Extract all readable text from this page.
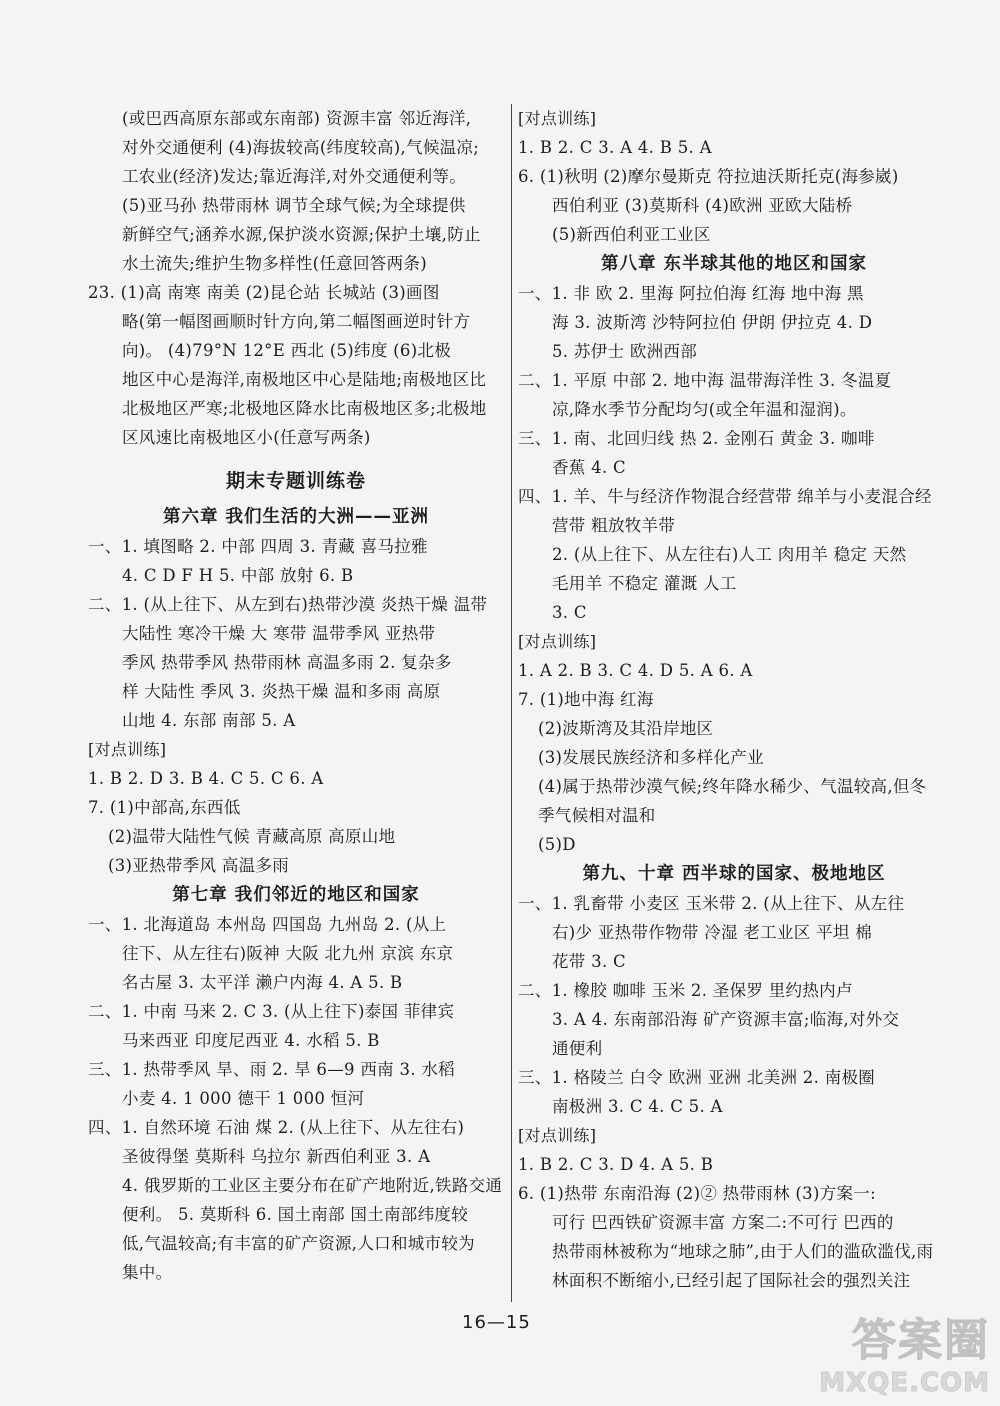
(或巴西高原东部或东南部) 资源丰富 邻近海洋,
对外交通便利 (4)海拔较高(纬度较高),气候温凉;
工农业(经济)发达;靠近海洋,对外交通便利等。
(5)亚马孙 热带雨林 调节全球气候;为全球提供
新鲜空气;涵养水源,保护淡水资源;保护土壤,防止
水土流失;维护生物多样性(任意回答两条)
23. (1)高 南寒 南美 (2)昆仑站 长城站 (3)画图
略(第一幅图画顺时针方向,第二幅图画逆时针方
向)。 (4)79°N 12°E 西北 (5)纬度 (6)北极
地区中心是海洋,南极地区中心是陆地;南极地区比
北极地区严寒;北极地区降水比南极地区多;北极地
区风速比南极地区小(任意写两条)
期末专题训练卷
第六章 我们生活的大洲——亚洲
一、1. 填图略 2. 中部 四周 3. 青藏 喜马拉雅
4. C D F H 5. 中部 放射 6. B
二、1. (从上往下、从左到右)热带沙漠 炎热干燥 温带
大陆性 寒冷干燥 大 寒带 温带季风 亚热带
季风 热带季风 热带雨林 高温多雨 2. 复杂多
样 大陆性 季风 3. 炎热干燥 温和多雨 高原
山地 4. 东部 南部 5. A
[对点训练]
1. B 2. D 3. B 4. C 5. C 6. A
7. (1)中部高,东西低
(2)温带大陆性气候 青藏高原 高原山地
(3)亚热带季风 高温多雨
第七章 我们邻近的地区和国家
一、1. 北海道岛 本州岛 四国岛 九州岛 2. (从上
往下、从左往右)阪神 大阪 北九州 京滨 东京
名古屋 3. 太平洋 濑户内海 4. A 5. B
二、1. 中南 马来 2. C 3. (从上往下)泰国 菲律宾
马来西亚 印度尼西亚 4. 水稻 5. B
三、1. 热带季风 旱、雨 2. 旱 6—9 西南 3. 水稻
小麦 4. 1 000 德干 1 000 恒河
四、1. 自然环境 石油 煤 2. (从上往下、从左往右)
圣彼得堡 莫斯科 乌拉尔 新西伯利亚 3. A
4. 俄罗斯的工业区主要分布在矿产地附近,铁路交通
便利。 5. 莫斯科 6. 国土南部 国土南部纬度较
低,气温较高;有丰富的矿产资源,人口和城市较为
集中。
[对点训练]
1. B 2. C 3. A 4. B 5. A
6. (1)秋明 (2)摩尔曼斯克 符拉迪沃斯托克(海参崴)
西伯利亚 (3)莫斯科 (4)欧洲 亚欧大陆桥
(5)新西伯利亚工业区
第八章 东半球其他的地区和国家
一、1. 非 欧 2. 里海 阿拉伯海 红海 地中海 黑
海 3. 波斯湾 沙特阿拉伯 伊朗 伊拉克 4. D
5. 苏伊士 欧洲西部
二、1. 平原 中部 2. 地中海 温带海洋性 3. 冬温夏
凉,降水季节分配均匀(或全年温和湿润)。
三、1. 南、北回归线 热 2. 金刚石 黄金 3. 咖啡
香蕉 4. C
四、1. 羊、牛与经济作物混合经营带 绵羊与小麦混合经
营带 粗放牧羊带
2. (从上往下、从左往右)人工 肉用羊 稳定 天然
毛用羊 不稳定 灌溉 人工
3. C
[对点训练]
1. A 2. B 3. C 4. D 5. A 6. A
7. (1)地中海 红海
(2)波斯湾及其沿岸地区
(3)发展民族经济和多样化产业
(4)属于热带沙漠气候;终年降水稀少、气温较高,但冬
季气候相对温和
(5)D
第九、十章 西半球的国家、极地地区
一、1. 乳畜带 小麦区 玉米带 2. (从上往下、从左往
右)少 亚热带作物带 冷湿 老工业区 平坦 棉
花带 3. C
二、1. 橡胶 咖啡 玉米 2. 圣保罗 里约热内卢
3. A 4. 东南部沿海 矿产资源丰富;临海,对外交
通便利
三、1. 格陵兰 白令 欧洲 亚洲 北美洲 2. 南极圈
南极洲 3. C 4. C 5. A
[对点训练]
1. B 2. C 3. D 4. A 5. B
6. (1)热带 东南沿海 (2)② 热带雨林 (3)方案一:
可行 巴西铁矿资源丰富 方案二:不可行 巴西的
热带雨林被称为“地球之肺”,由于人们的滥砍滥伐,雨
林面积不断缩小,已经引起了国际社会的强烈关注
16—15	答案圈
MXQE.COM
